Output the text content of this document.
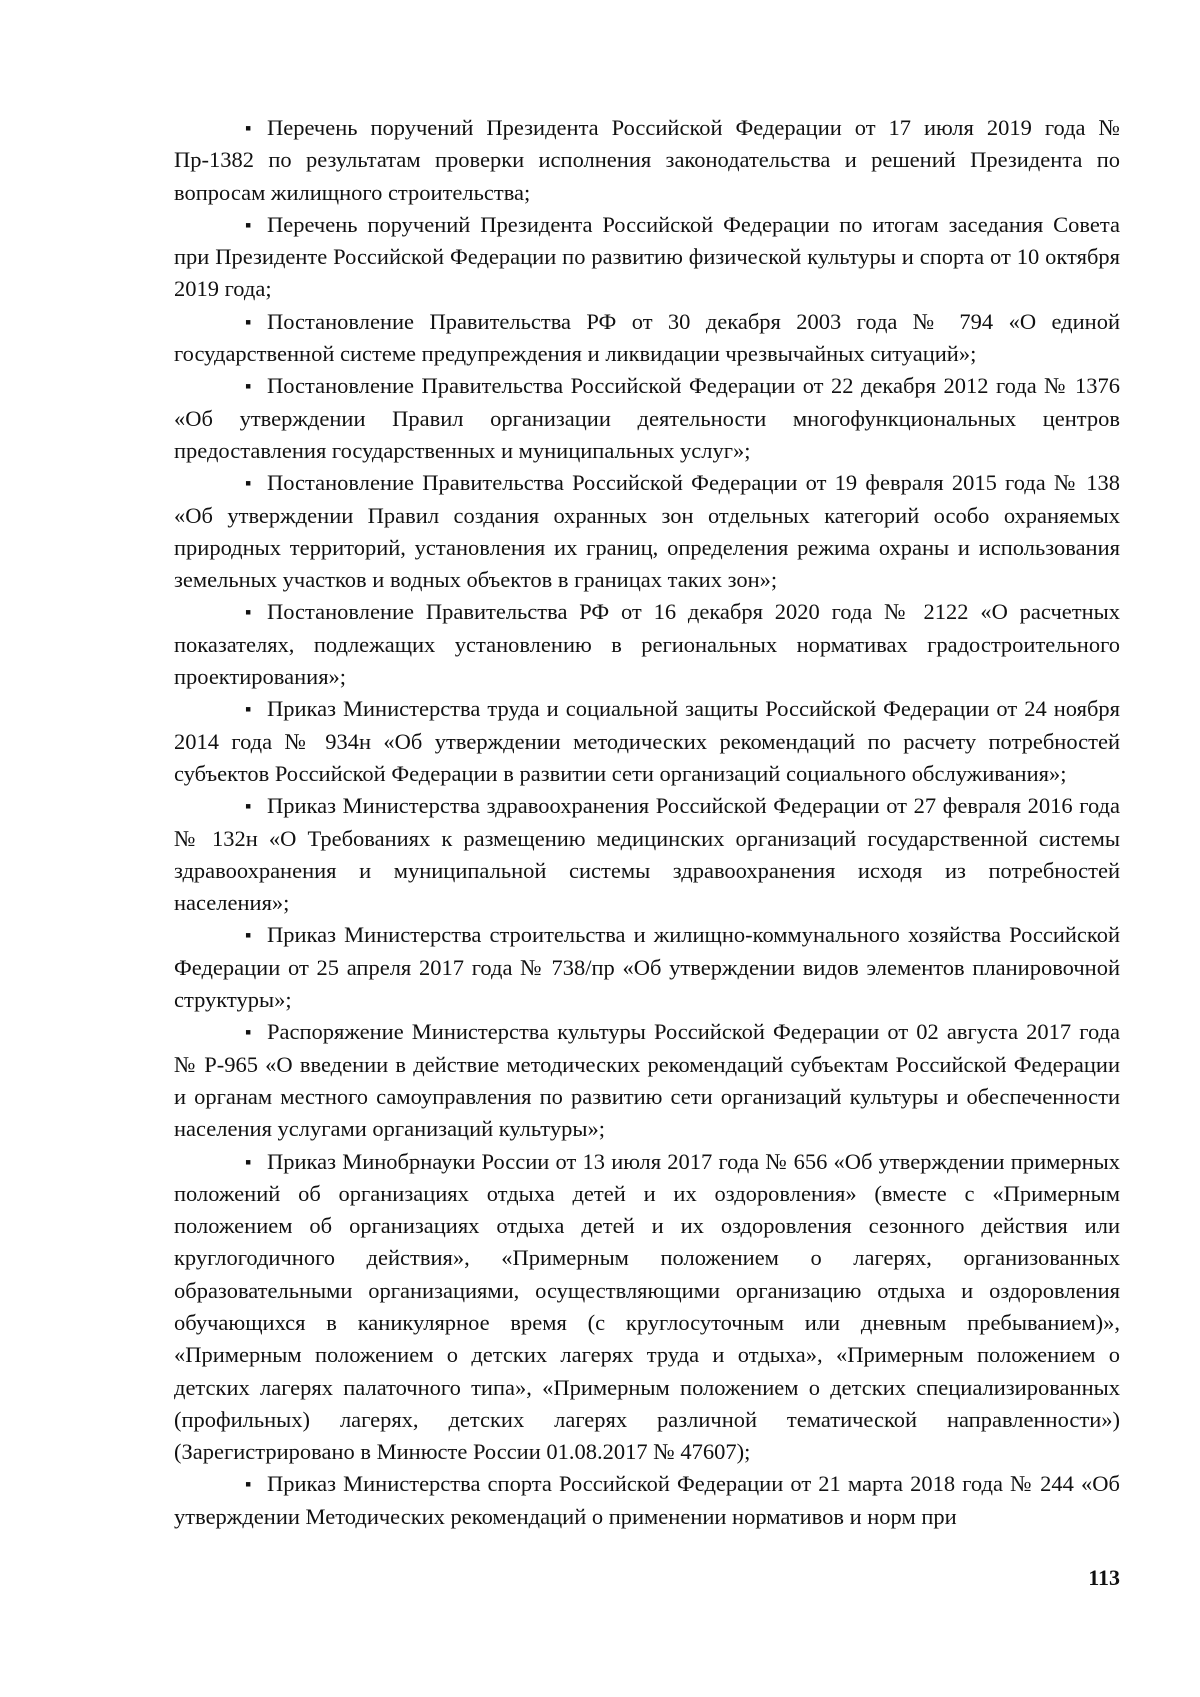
▪ Перечень поручений Президента Российской Федерации от 17 июля 2019 года № Пр-1382 по результатам проверки исполнения законодательства и решений Президента по вопросам жилищного строительства;

▪ Перечень поручений Президента Российской Федерации по итогам заседания Совета при Президенте Российской Федерации по развитию физической культуры и спорта от 10 октября 2019 года;

▪ Постановление Правительства РФ от 30 декабря 2003 года № 794 «О единой государственной системе предупреждения и ликвидации чрезвычайных ситуаций»;

▪ Постановление Правительства Российской Федерации от 22 декабря 2012 года № 1376 «Об утверждении Правил организации деятельности многофункциональных центров предоставления государственных и муниципальных услуг»;

▪ Постановление Правительства Российской Федерации от 19 февраля 2015 года № 138 «Об утверждении Правил создания охранных зон отдельных категорий особо охраняемых природных территорий, установления их границ, определения режима охраны и использования земельных участков и водных объектов в границах таких зон»;

▪ Постановление Правительства РФ от 16 декабря 2020 года № 2122 «О расчетных показателях, подлежащих установлению в региональных нормативах градостроительного проектирования»;

▪ Приказ Министерства труда и социальной защиты Российской Федерации от 24 ноября 2014 года № 934н «Об утверждении методических рекомендаций по расчету потребностей субъектов Российской Федерации в развитии сети организаций социального обслуживания»;

▪ Приказ Министерства здравоохранения Российской Федерации от 27 февраля 2016 года № 132н «О Требованиях к размещению медицинских организаций государственной системы здравоохранения и муниципальной системы здравоохранения исходя из потребностей населения»;

▪ Приказ Министерства строительства и жилищно-коммунального хозяйства Российской Федерации от 25 апреля 2017 года № 738/пр «Об утверждении видов элементов планировочной структуры»;

▪ Распоряжение Министерства культуры Российской Федерации от 02 августа 2017 года № Р-965 «О введении в действие методических рекомендаций субъектам Российской Федерации и органам местного самоуправления по развитию сети организаций культуры и обеспеченности населения услугами организаций культуры»;

▪ Приказ Минобрнауки России от 13 июля 2017 года № 656 «Об утверждении примерных положений об организациях отдыха детей и их оздоровления» (вместе с «Примерным положением об организациях отдыха детей и их оздоровления сезонного действия или круглогодичного действия», «Примерным положением о лагерях, организованных образовательными организациями, осуществляющими организацию отдыха и оздоровления обучающихся в каникулярное время (с круглосуточным или дневным пребыванием)», «Примерным положением о детских лагерях труда и отдыха», «Примерным положением о детских лагерях палаточного типа», «Примерным положением о детских специализированных (профильных) лагерях, детских лагерях различной тематической направленности») (Зарегистрировано в Минюсте России 01.08.2017 № 47607);

▪ Приказ Министерства спорта Российской Федерации от 21 марта 2018 года № 244 «Об утверждении Методических рекомендаций о применении нормативов и норм при

113
